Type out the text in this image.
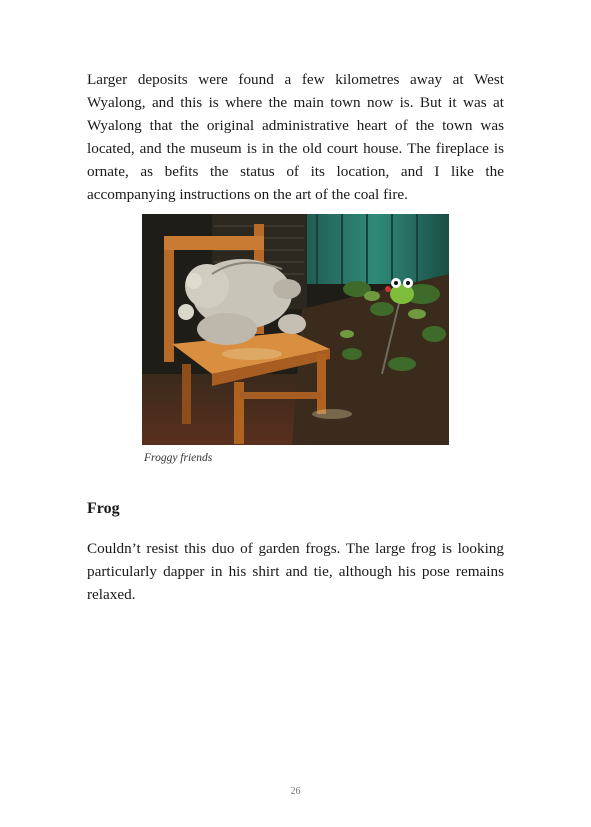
Larger deposits were found a few kilometres away at West Wyalong, and this is where the main town now is. But it was at Wyalong that the original administrative heart of the town was located, and the museum is in the old court house. The fireplace is ornate, as befits the status of its location, and I like the accompanying instructions on the art of the coal fire.

Froggy friends

Frog

Couldn’t resist this duo of garden frogs. The large frog is looking particularly dapper in his shirt and tie, although his pose remains relaxed.

26
